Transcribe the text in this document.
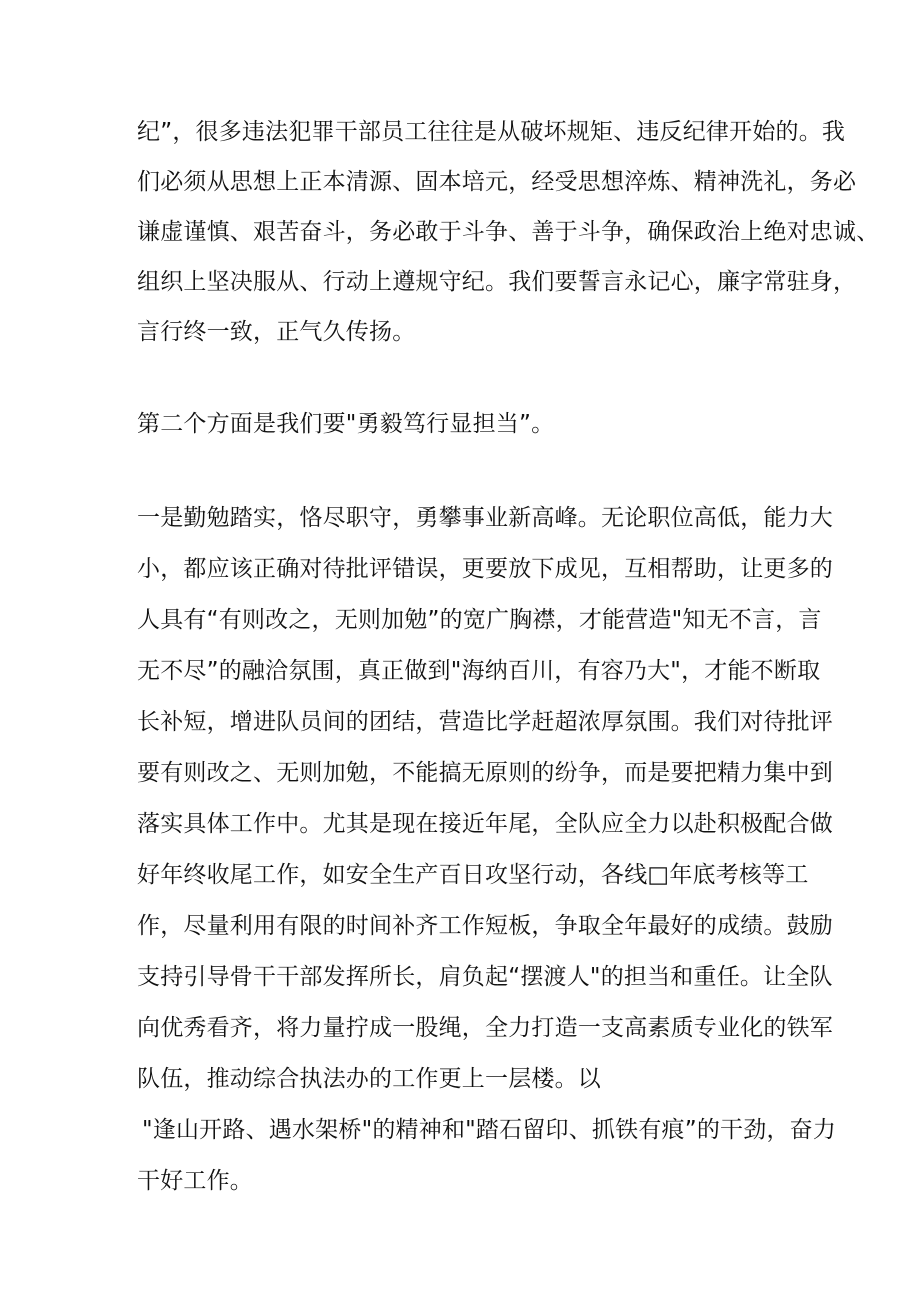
纪”，很多违法犯罪干部员工往往是从破坏规矩、违反纪律开始的。我
们必须从思想上正本清源、固本培元，经受思想淬炼、精神洗礼，务必
谦虚谨慎、艰苦奋斗，务必敢于斗争、善于斗争，确保政治上绝对忠诚、
组织上坚决服从、行动上遵规守纪。我们要誓言永记心，廉字常驻身，
言行终一致，正气久传扬。
第二个方面是我们要"勇毅笃行显担当”。
一是勤勉踏实，恪尽职守，勇攀事业新高峰。无论职位高低，能力大
小，都应该正确对待批评错误，更要放下成见，互相帮助，让更多的
人具有“有则改之，无则加勉”的宽广胸襟，才能营造"知无不言，言
无不尽”的融洽氛围，真正做到"海纳百川，有容乃大"，才能不断取
长补短，增进队员间的团结，营造比学赶超浓厚氛围。我们对待批评
要有则改之、无则加勉，不能搞无原则的纷争，而是要把精力集中到
落实具体工作中。尤其是现在接近年尾，全队应全力以赴积极配合做
好年终收尾工作，如安全生产百日攻坚行动，各线□年底考核等工
作，尽量利用有限的时间补齐工作短板，争取全年最好的成绩。鼓励
支持引导骨干干部发挥所长，肩负起“摆渡人"的担当和重任。让全队
向优秀看齐，将力量拧成一股绳，全力打造一支高素质专业化的铁军
队伍，推动综合执法办的工作更上一层楼。以
"逢山开路、遇水架桥"的精神和"踏石留印、抓铁有痕”的干劲，奋力
干好工作。
